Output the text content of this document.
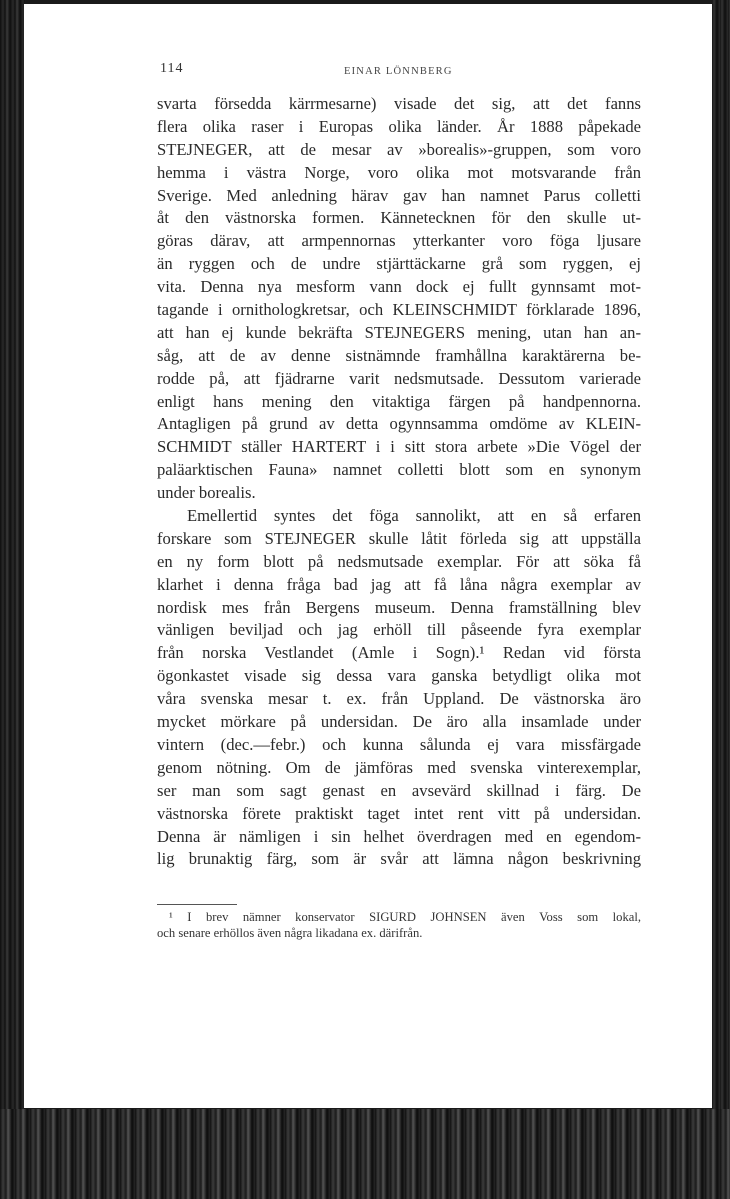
114	EINAR LÖNNBERG
svarta försedda kärrmesarne) visade det sig, att det fanns
flera olika raser i Europas olika länder. År 1888 påpekade
STEJNEGER, att de mesar av »borealis»-gruppen, som voro
hemma i västra Norge, voro olika mot motsvarande från
Sverige. Med anledning härav gav han namnet Parus colletti
åt den västnorska formen. Kännetecknen för den skulle ut-
göras därav, att armpennornas ytterkanter voro föga ljusare
än ryggen och de undre stjärttäckarne grå som ryggen, ej
vita. Denna nya mesform vann dock ej fullt gynnsamt mot-
tagande i ornithologkretsar, och KLEINSCHMIDT förklarade 1896,
att han ej kunde bekräfta STEJNEGERS mening, utan han an-
såg, att de av denne sistnämnde framhållna karaktärerna be-
rodde på, att fjädrarne varit nedsmutsade. Dessutom varierade
enligt hans mening den vitaktiga färgen på handpennorna.
Antagligen på grund av detta ogynnsamma omdöme av KLEIN-
SCHMIDT ställer HARTERT i i sitt stora arbete »Die Vögel der
paläarktischen Fauna» namnet colletti blott som en synonym
under borealis.
Emellertid syntes det föga sannolikt, att en så erfaren
forskare som STEJNEGER skulle låtit förleda sig att uppställa
en ny form blott på nedsmutsade exemplar. För att söka få
klarhet i denna fråga bad jag att få låna några exemplar av
nordisk mes från Bergens museum. Denna framställning blev
vänligen beviljad och jag erhöll till påseende fyra exemplar
från norska Vestlandet (Amle i Sogn).¹ Redan vid första
ögonkastet visade sig dessa vara ganska betydligt olika mot
våra svenska mesar t. ex. från Uppland. De västnorska äro
mycket mörkare på undersidan. De äro alla insamlade under
vintern (dec.—febr.) och kunna sålunda ej vara missfärgade
genom nötning. Om de jämföras med svenska vinterexemplar,
ser man som sagt genast en avsevärd skillnad i färg. De
västnorska förete praktiskt taget intet rent vitt på undersidan.
Denna är nämligen i sin helhet överdragen med en egendom-
lig brunaktig färg, som är svår att lämna någon beskrivning
¹ I brev nämner konservator SIGURD JOHNSEN även Voss som lokal,
och senare erhöllos även några likadana ex. därifrån.
